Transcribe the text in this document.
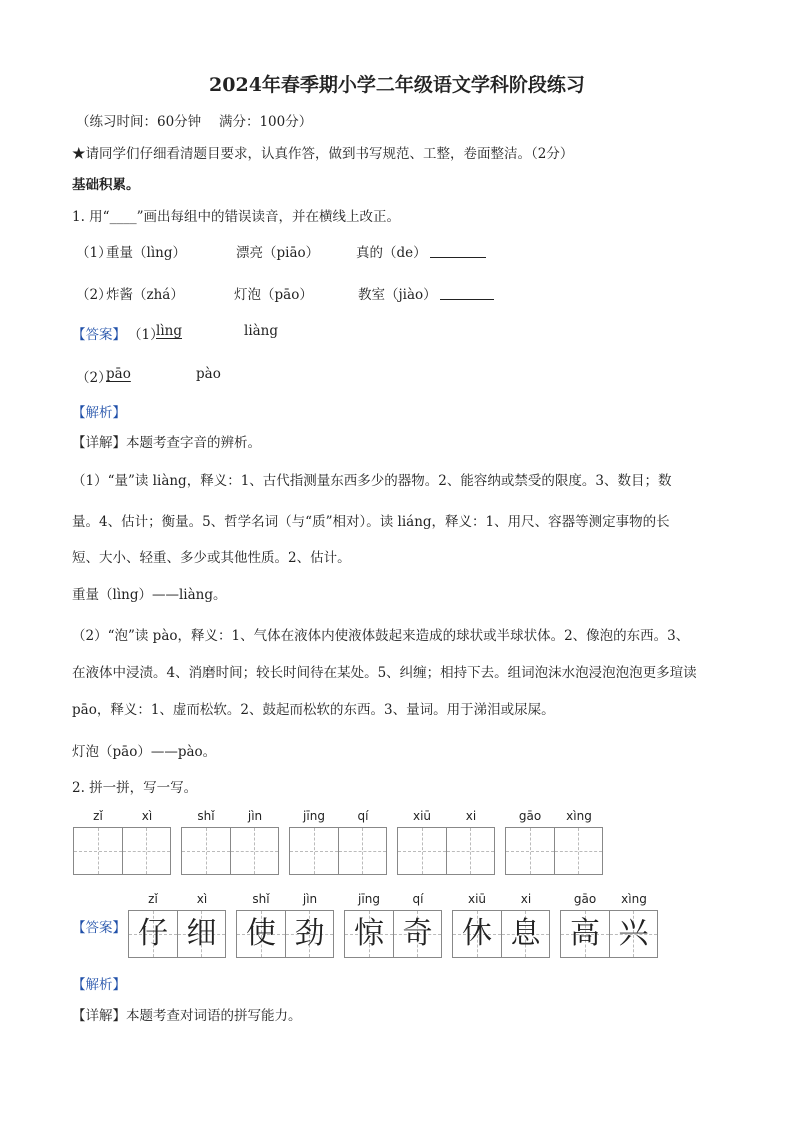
2024年春季期小学二年级语文学科阶段练习
（练习时间：60分钟　 满分：100分）
★请同学们仔细看清题目要求，认真作答，做到书写规范、工整，卷面整洁。（2分）
基础积累。
1. 用“____”画出每组中的错误读音，并在横线上改正。
（1）
重量（lìng）	漂亮（piāo）	真的（de）
（2）
炸酱（zhá）	灯泡（pāo）	教室（jiào）
【答案】 （1）
lìng	liàng
（2）
pāo	pào
【解析】
【详解】本题考查字音的辨析。
（1）“量”读 liàng，释义：1、古代指测量东西多少的器物。2、能容纳或禁受的限度。3、数目；数
量。4、估计；衡量。5、哲学名词（与“质”相对）。读 liáng，释义：1、用尺、容器等测定事物的长
短、大小、轻重、多少或其他性质。2、估计。
重量（lìng）——liàng。
（2）“泡”读 pào，释义：1、气体在液体内使液体鼓起来造成的球状或半球状体。2、像泡的东西。3、
在液体中浸渍。4、消磨时间；较长时间待在某处。5、纠缠；相持下去。组词泡沫水泡浸泡泡泡更多瑄读
pāo，释义：1、虚而松软。2、鼓起而松软的东西。3、量词。用于涕泪或尿屎。
灯泡（pāo）——pào。
2. 拼一拼，写一写。
zǐ	xì	shǐ	jìn	jīng	qí	xiū	xi	gāo	xìng
【答案】
zǐ	xì	shǐ	jìn	jīng	qí	xiū	xi	gāo	xìng
仔 细 使 劲 惊 奇 休 息 高 兴
【解析】
【详解】本题考查对词语的拼写能力。
